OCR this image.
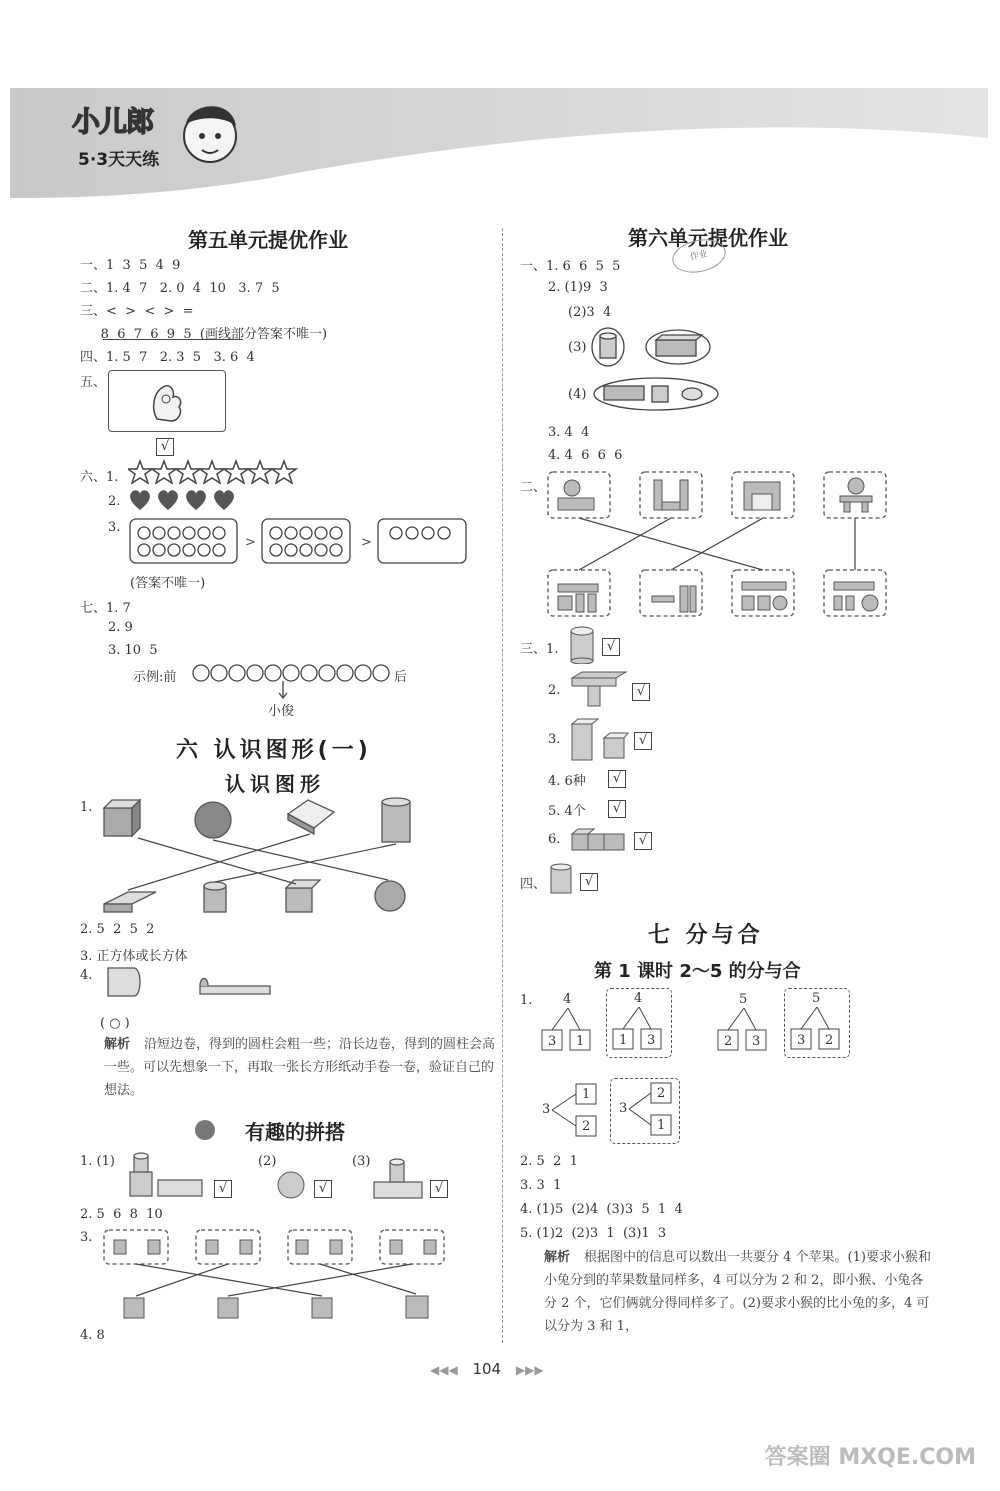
小儿郎
5·3天天练
第五单元提优作业
一、1  3  5  4  9
二、1. 4  7   2. 0  4  10   3. 7  5
三、<  >  <  >  =
8  6  7  6  9  5  (画线部分答案不唯一)
四、1. 5  7   2. 3  5   3. 6  4
五、
√
六、1.
2.
3.
>	>
(答案不唯一)
七、1. 7
2. 9
3. 10  5
示例:前	后
小俊
六 认识图形(一)
认识图形
1.
2. 5  2  5  2
3. 正方体或长方体
4.
( ○ )
解析 沿短边卷，得到的圆柱会粗一些；沿长边卷，得到的圆柱会高一些。可以先想象一下，再取一张长方形纸动手卷一卷，验证自己的想法。
有趣的拼搭
1. (1)
√
(2)
√
(3)
√
2. 5  6  8  10
3.
4. 8
第六单元提优作业
作业
一、1. 6  6  5  5
2. (1)9  3
(2)3  4
(3)
(4)
3. 4  4
4. 4  6  6  6
二、
三、1.	√
2.	√
3.	√
4. 6种	√
5. 4个	√
6.	√
四、	√
七 分与合
第 1 课时 2～5 的分与合
1. 4
3 1
4
1 3
5
2 3
5
3 2
3
1
2
3
2
1
2. 5  2  1
3. 3  1
4. (1)5  (2)4  (3)3  5  1  4
5. (1)2  (2)3  1  (3)1  3
解析 根据图中的信息可以数出一共要分 4 个苹果。(1)要求小猴和小兔分到的苹果数量同样多，4 可以分为 2 和 2，即小猴、小兔各分 2 个，它们俩就分得同样多了。(2)要求小猴的比小兔的多，4 可以分为 3 和 1，
◀◀◀ 104 ▶▶▶
答案圈 MXQE.COM
